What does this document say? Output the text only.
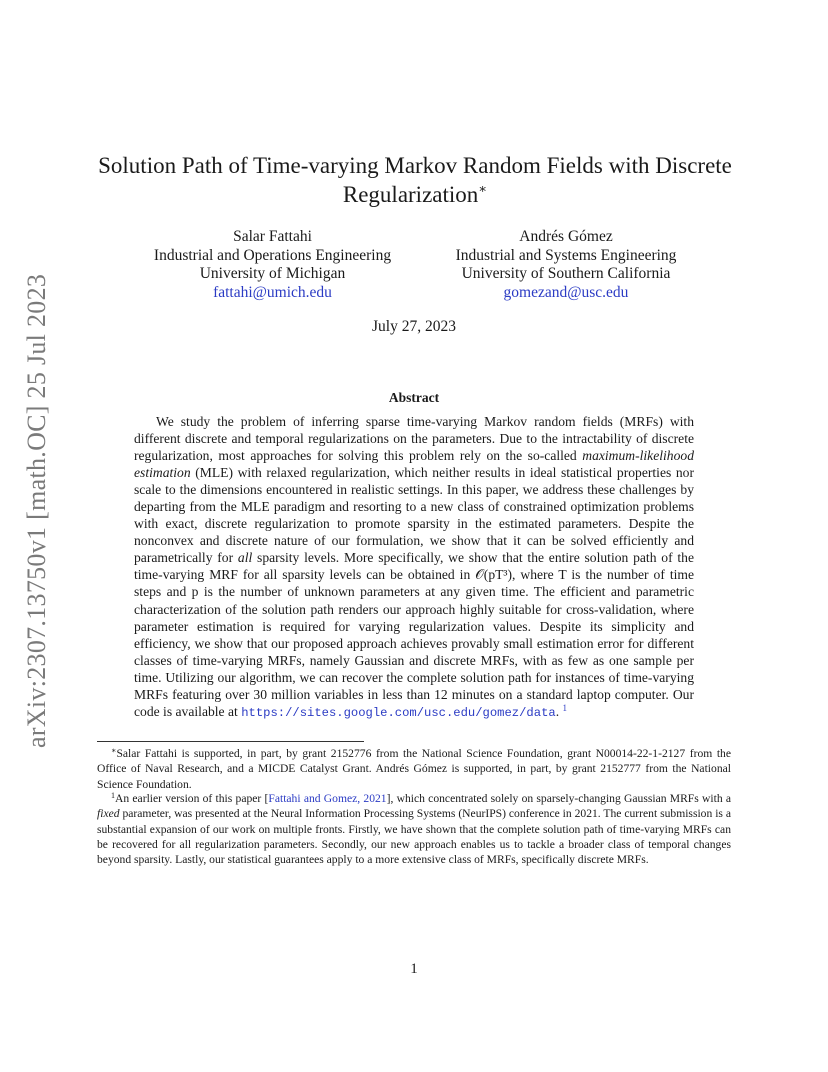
arXiv:2307.13750v1 [math.OC] 25 Jul 2023
Solution Path of Time-varying Markov Random Fields with Discrete Regularization∗
Salar Fattahi
Industrial and Operations Engineering
University of Michigan
fattahi@umich.edu
Andrés Gómez
Industrial and Systems Engineering
University of Southern California
gomezand@usc.edu
July 27, 2023
Abstract

We study the problem of inferring sparse time-varying Markov random fields (MRFs) with different discrete and temporal regularizations on the parameters. Due to the intractability of discrete regularization, most approaches for solving this problem rely on the so-called maximum-likelihood estimation (MLE) with relaxed regularization, which neither results in ideal statistical properties nor scale to the dimensions encountered in realistic settings. In this paper, we address these challenges by departing from the MLE paradigm and resorting to a new class of constrained optimization problems with exact, discrete regularization to promote sparsity in the estimated parameters. Despite the nonconvex and discrete nature of our formulation, we show that it can be solved efficiently and parametrically for all sparsity levels. More specifically, we show that the entire solution path of the time-varying MRF for all sparsity levels can be obtained in 𝒪(pT³), where T is the number of time steps and p is the number of unknown parameters at any given time. The efficient and parametric characterization of the solution path renders our approach highly suitable for cross-validation, where parameter estimation is required for varying regularization values. Despite its simplicity and efficiency, we show that our proposed approach achieves provably small estimation error for different classes of time-varying MRFs, namely Gaussian and discrete MRFs, with as few as one sample per time. Utilizing our algorithm, we can recover the complete solution path for instances of time-varying MRFs featuring over 30 million variables in less than 12 minutes on a standard laptop computer. Our code is available at https://sites.google.com/usc.edu/gomez/data. $^1$

∗Salar Fattahi is supported, in part, by grant 2152776 from the National Science Foundation, grant N00014-22-1-2127 from the Office of Naval Research, and a MICDE Catalyst Grant. Andrés Gómez is supported, in part, by grant 2152777 from the National Science Foundation.

$^1$An earlier version of this paper [Fattahi and Gomez, 2021], which concentrated solely on sparsely-changing Gaussian MRFs with a fixed parameter, was presented at the Neural Information Processing Systems (NeurIPS) conference in 2021. The current submission is a substantial expansion of our work on multiple fronts. Firstly, we have shown that the complete solution path of time-varying MRFs can be recovered for all regularization parameters. Secondly, our new approach enables us to tackle a broader class of temporal changes beyond sparsity. Lastly, our statistical guarantees apply to a more extensive class of MRFs, specifically discrete MRFs.

1
